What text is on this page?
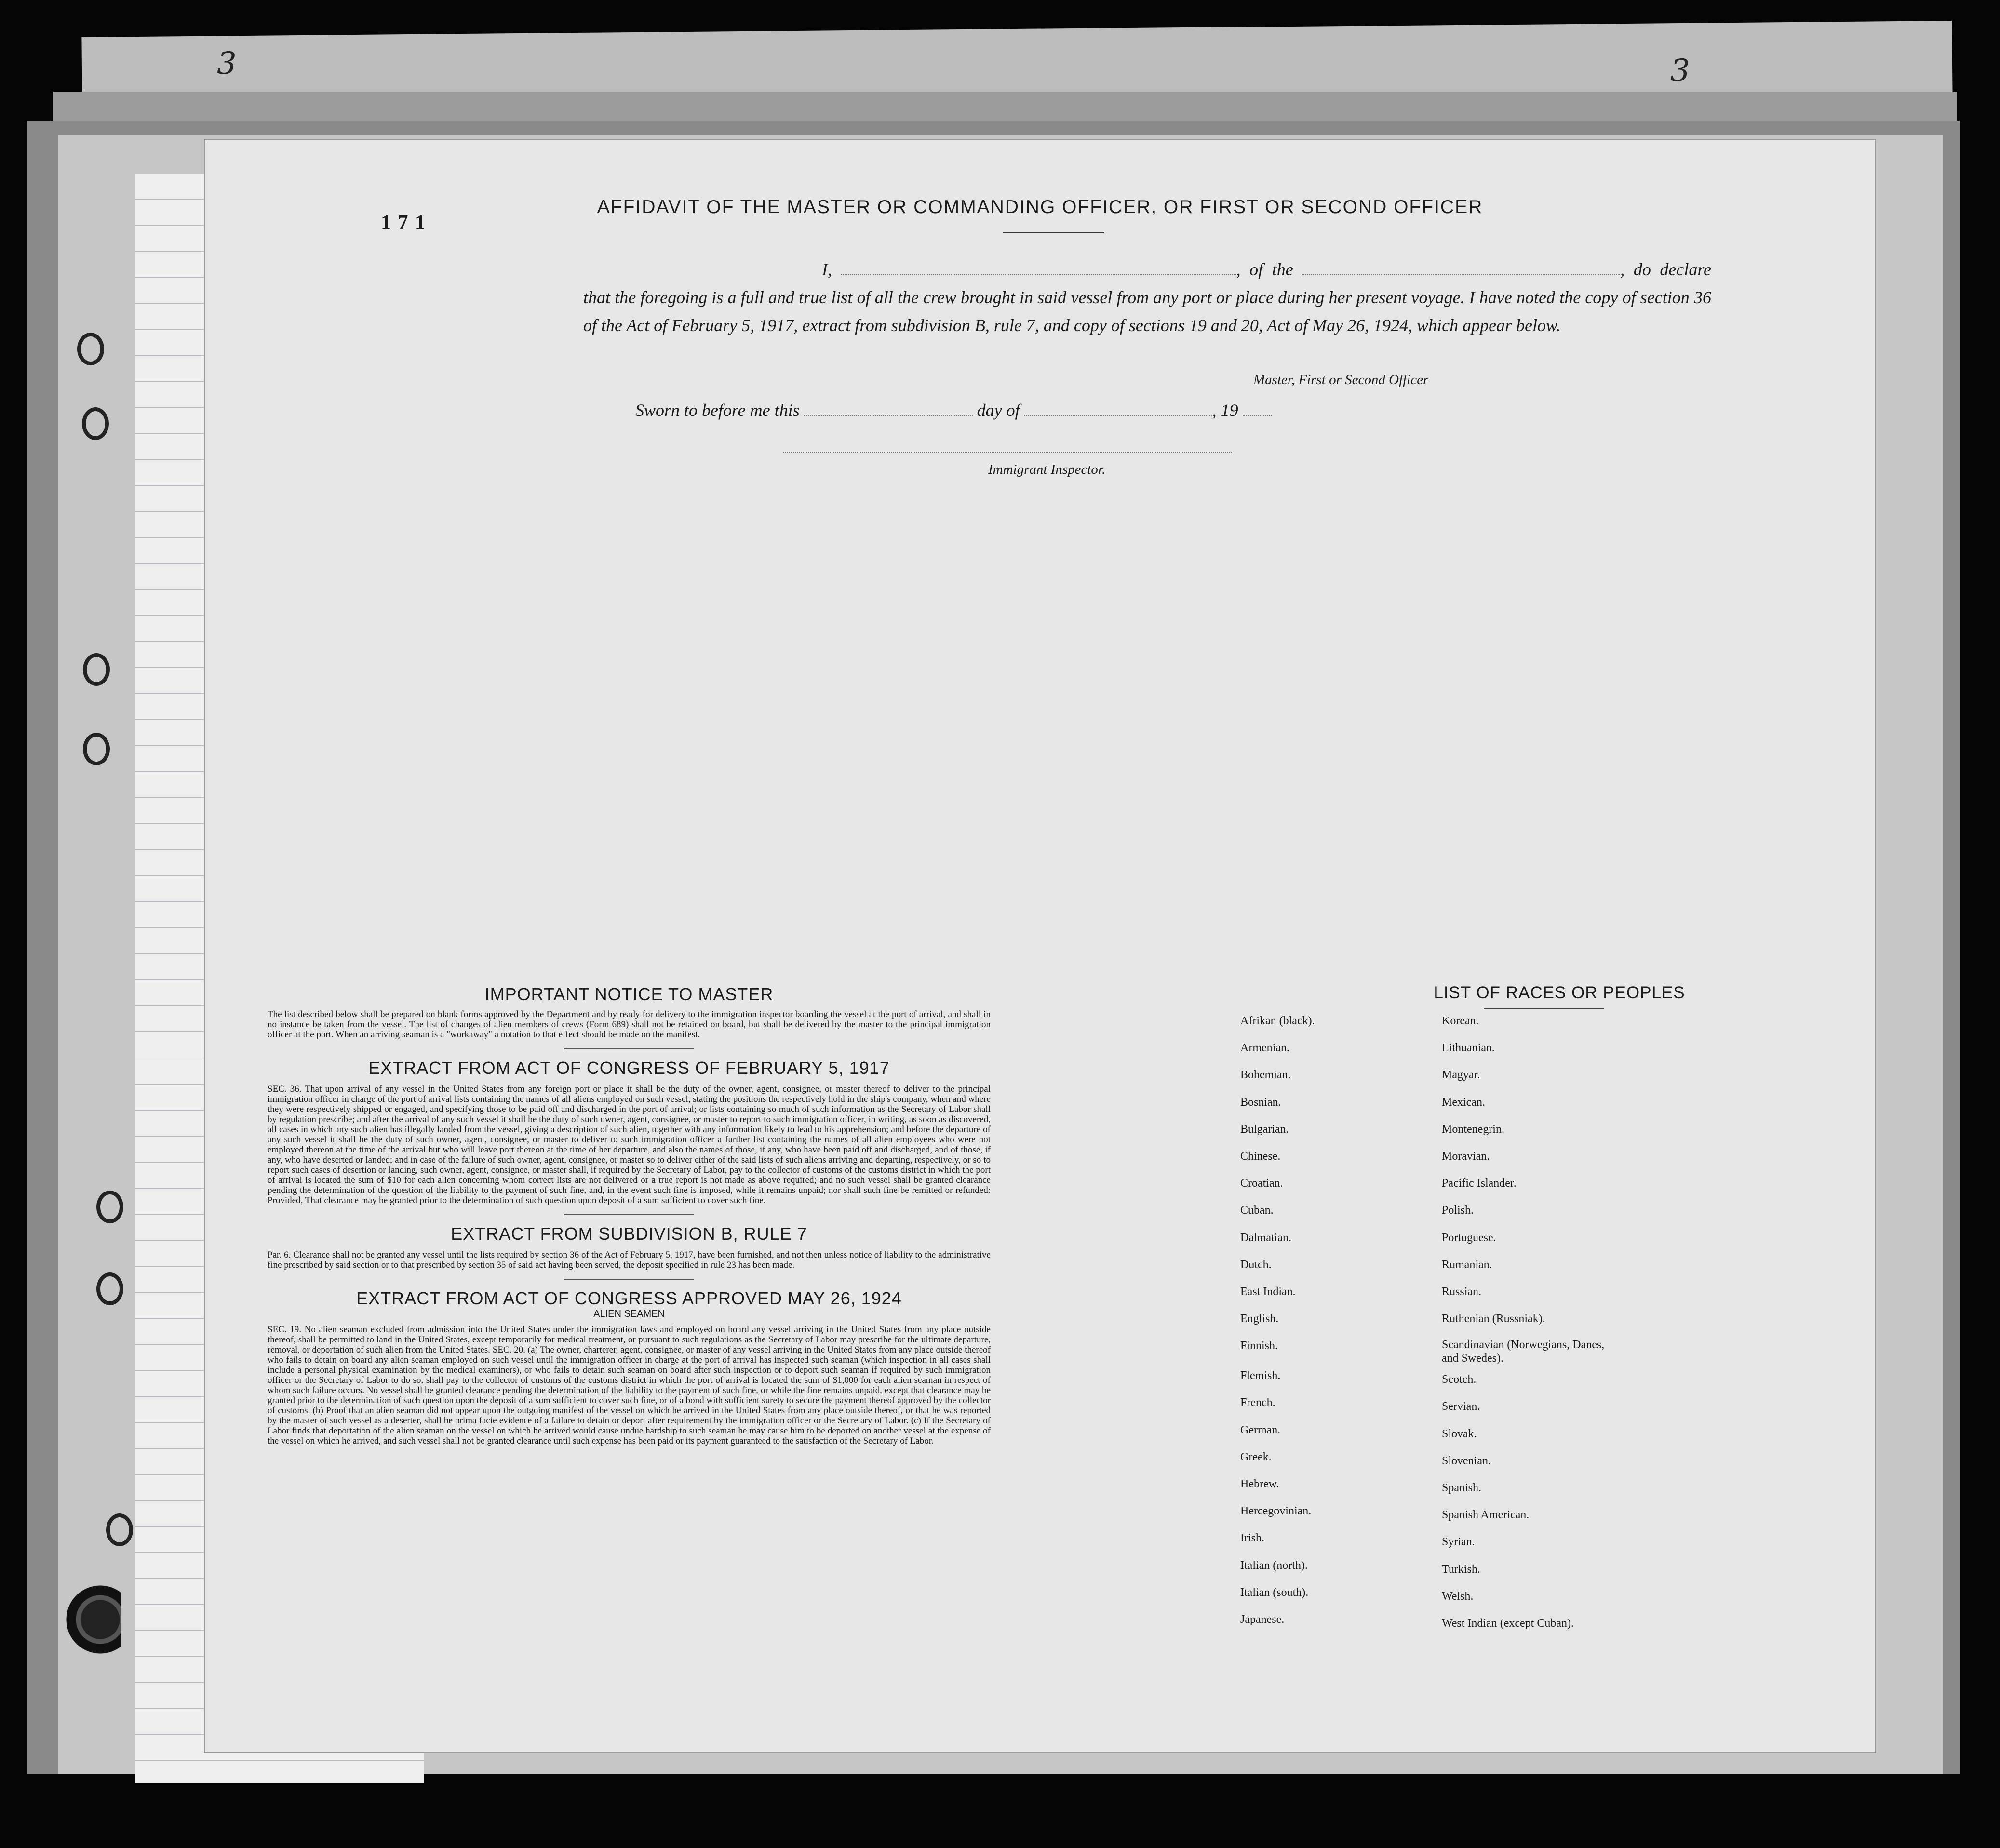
3	3
1 7 1
AFFIDAVIT OF THE MASTER OR COMMANDING OFFICER, OR FIRST OR SECOND OFFICER
I,	, of the	, do declare that the foregoing is a full and true list of all the crew brought in said vessel from any port or place during her present voyage. I have noted the copy of section 36 of the Act of February 5, 1917, extract from subdivision B, rule 7, and copy of sections 19 and 20, Act of May 26, 1924, which appear below.
Master, First or Second Officer
Sworn to before me this	day of	, 19
Immigrant Inspector.
IMPORTANT NOTICE TO MASTER

The list described below shall be prepared on blank forms approved by the Department and by ready for delivery to the immigration inspector boarding the vessel at the port of arrival, and shall in no instance be taken from the vessel. The list of changes of alien members of crews (Form 689) shall not be retained on board, but shall be delivered by the master to the principal immigration officer at the port. When an arriving seaman is a "workaway" a notation to that effect should be made on the manifest.

EXTRACT FROM ACT OF CONGRESS OF FEBRUARY 5, 1917

SEC. 36. That upon arrival of any vessel in the United States from any foreign port or place it shall be the duty of the owner, agent, consignee, or master thereof to deliver to the principal immigration officer in charge of the port of arrival lists containing the names of all aliens employed on such vessel, stating the positions the respectively hold in the ship's company, when and where they were respectively shipped or engaged, and specifying those to be paid off and discharged in the port of arrival; or lists containing so much of such information as the Secretary of Labor shall by regulation prescribe; and after the arrival of any such vessel it shall be the duty of such owner, agent, consignee, or master to report to such immigration officer, in writing, as soon as discovered, all cases in which any such alien has illegally landed from the vessel, giving a description of such alien, together with any information likely to lead to his apprehension; and before the departure of any such vessel it shall be the duty of such owner, agent, consignee, or master to deliver to such immigration officer a further list containing the names of all alien employees who were not employed thereon at the time of the arrival but who will leave port thereon at the time of her departure, and also the names of those, if any, who have been paid off and discharged, and of those, if any, who have deserted or landed; and in case of the failure of such owner, agent, consignee, or master so to deliver either of the said lists of such aliens arriving and departing, respectively, or so to report such cases of desertion or landing, such owner, agent, consignee, or master shall, if required by the Secretary of Labor, pay to the collector of customs of the customs district in which the port of arrival is located the sum of $10 for each alien concerning whom correct lists are not delivered or a true report is not made as above required; and no such vessel shall be granted clearance pending the determination of the question of the liability to the payment of such fine, and, in the event such fine is imposed, while it remains unpaid; nor shall such fine be remitted or refunded: Provided, That clearance may be granted prior to the determination of such question upon deposit of a sum sufficient to cover such fine.

EXTRACT FROM SUBDIVISION B, RULE 7

Par. 6. Clearance shall not be granted any vessel until the lists required by section 36 of the Act of February 5, 1917, have been furnished, and not then unless notice of liability to the administrative fine prescribed by said section or to that prescribed by section 35 of said act having been served, the deposit specified in rule 23 has been made.

EXTRACT FROM ACT OF CONGRESS APPROVED MAY 26, 1924
ALIEN SEAMEN

SEC. 19. No alien seaman excluded from admission into the United States under the immigration laws and employed on board any vessel arriving in the United States from any place outside thereof, shall be permitted to land in the United States, except temporarily for medical treatment, or pursuant to such regulations as the Secretary of Labor may prescribe for the ultimate departure, removal, or deportation of such alien from the United States. SEC. 20. (a) The owner, charterer, agent, consignee, or master of any vessel arriving in the United States from any place outside thereof who fails to detain on board any alien seaman employed on such vessel until the immigration officer in charge at the port of arrival has inspected such seaman (which inspection in all cases shall include a personal physical examination by the medical examiners), or who fails to detain such seaman on board after such inspection or to deport such seaman if required by such immigration officer or the Secretary of Labor to do so, shall pay to the collector of customs of the customs district in which the port of arrival is located the sum of $1,000 for each alien seaman in respect of whom such failure occurs. No vessel shall be granted clearance pending the determination of the liability to the payment of such fine, or while the fine remains unpaid, except that clearance may be granted prior to the determination of such question upon the deposit of a sum sufficient to cover such fine, or of a bond with sufficient surety to secure the payment thereof approved by the collector of customs. (b) Proof that an alien seaman did not appear upon the outgoing manifest of the vessel on which he arrived in the United States from any place outside thereof, or that he was reported by the master of such vessel as a deserter, shall be prima facie evidence of a failure to detain or deport after requirement by the immigration officer or the Secretary of Labor. (c) If the Secretary of Labor finds that deportation of the alien seaman on the vessel on which he arrived would cause undue hardship to such seaman he may cause him to be deported on another vessel at the expense of the vessel on which he arrived, and such vessel shall not be granted clearance until such expense has been paid or its payment guaranteed to the satisfaction of the Secretary of Labor.

LIST OF RACES OR PEOPLES
Afrikan (black).
Armenian.
Bohemian.
Bosnian.
Bulgarian.
Chinese.
Croatian.
Cuban.
Dalmatian.
Dutch.
East Indian.
English.
Finnish.
Flemish.
French.
German.
Greek.
Hebrew.
Hercegovinian.
Irish.
Italian (north).
Italian (south).
Japanese.
Korean.
Lithuanian.
Magyar.
Mexican.
Montenegrin.
Moravian.
Pacific Islander.
Polish.
Portuguese.
Rumanian.
Russian.
Ruthenian (Russniak).
Scandinavian (Norwegians, Danes, and Swedes).
Scotch.
Servian.
Slovak.
Slovenian.
Spanish.
Spanish American.
Syrian.
Turkish.
Welsh.
West Indian (except Cuban).
